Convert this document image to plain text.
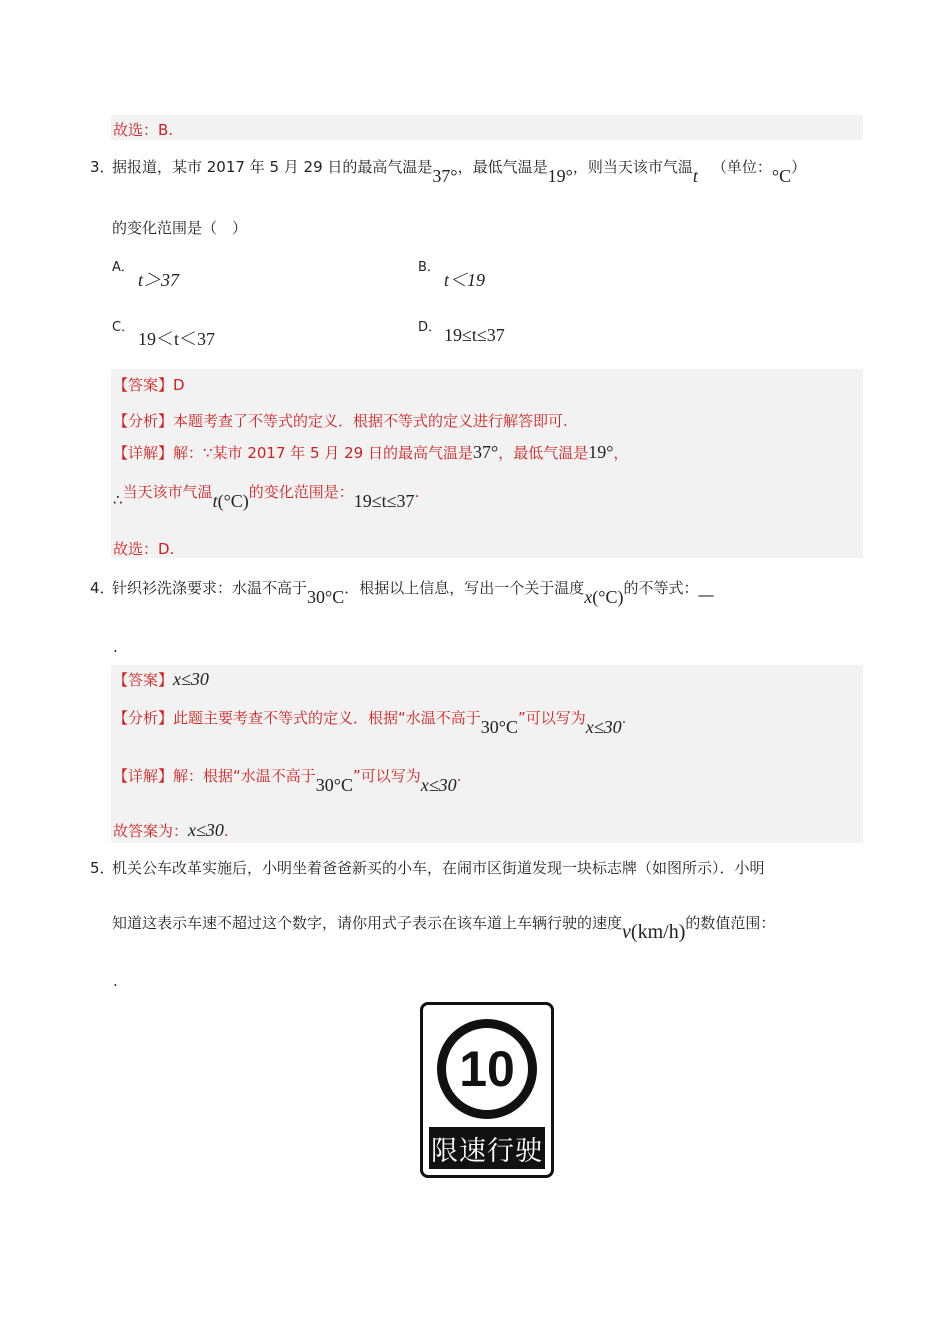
故选：B.
3．
据报道，某市 2017 年 5 月 29 日的最高气温是37°，最低气温是19°，则当天该市气温t （单位：°C）
的变化范围是（　）
A．
t＞37
B．
t＜19
C．
19＜t＜37
D． 19≤t≤37
【答案】D
【分析】本题考查了不等式的定义．根据不等式的定义进行解答即可.
【详解】解：∵某市 2017 年 5 月 29 日的最高气温是37°，最低气温是19°，
∴当天该市气温t(°C)的变化范围是：19≤t≤37.
故选：D.
4．
针织衫洗涤要求：水温不高于30°C．根据以上信息，写出一个关于温度x(°C)的不等式：__
.
【答案】x≤30
【分析】此题主要考查不等式的定义．根据“水温不高于30°C”可以写为x≤30.
【详解】解：根据“水温不高于30°C”可以写为x≤30.
故答案为：x≤30.
5．
机关公车改革实施后，小明坐着爸爸新买的小车，在闹市区街道发现一块标志牌（如图所示）．小明
知道这表示车速不超过这个数字，请你用式子表示在该车道上车辆行驶的速度v(km/h)的数值范围：
.
10
限速行驶
